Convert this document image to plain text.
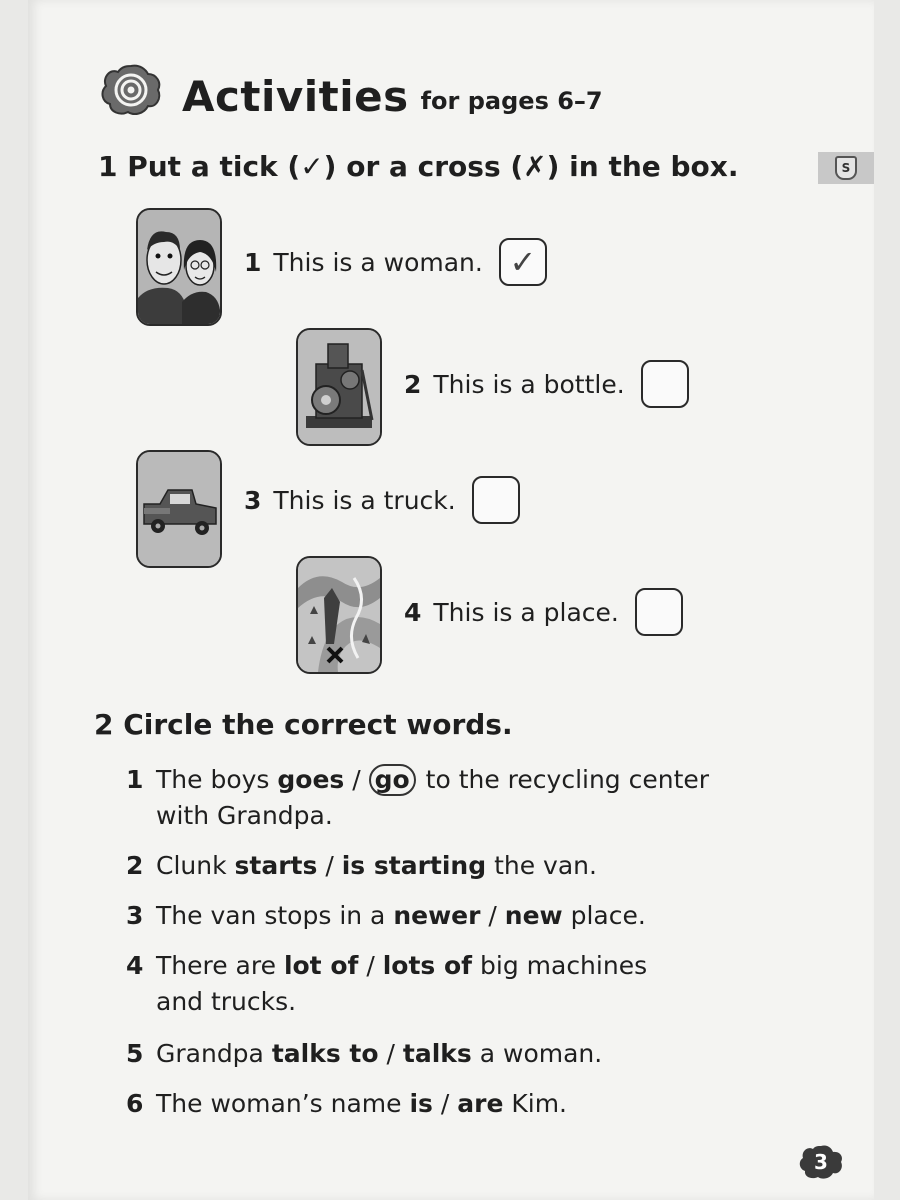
Activities for pages 6–7
S
1 Put a tick (✓) or a cross (✗) in the box.
1 This is a woman. ✓
2 This is a bottle.
3 This is a truck.
4 This is a place.
2 Circle the correct words.
1 The boys goes / go to the recycling center
with Grandpa.
2 Clunk starts / is starting the van.
3 The van stops in a newer / new place.
4 There are lot of / lots of big machines
and trucks.
5 Grandpa talks to / talks a woman.
6 The woman’s name is / are Kim.
3
